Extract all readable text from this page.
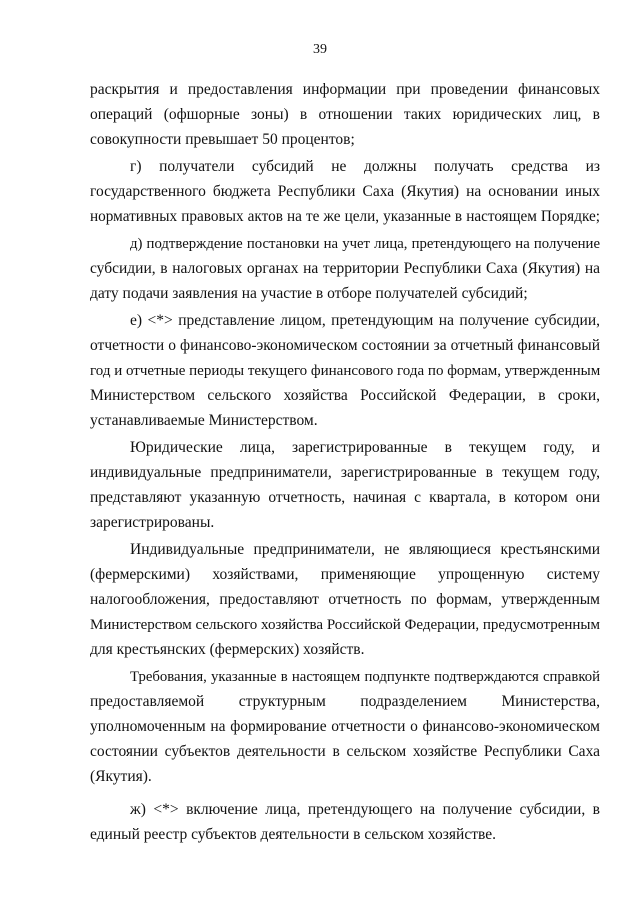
39
раскрытия и предоставления информации при проведении финансовых
операций (офшорные зоны) в отношении таких юридических лиц, в
совокупности превышает 50 процентов;
г) получатели субсидий не должны получать средства из
государственного бюджета Республики Саха (Якутия) на основании иных
нормативных правовых актов на те же цели, указанные в настоящем Порядке;
д) подтверждение постановки на учет лица, претендующего на получение
субсидии, в налоговых органах на территории Республики Саха (Якутия) на
дату подачи заявления на участие в отборе получателей субсидий;
е) <*> представление лицом, претендующим на получение субсидии,
отчетности о финансово-экономическом состоянии за отчетный финансовый
год и отчетные периоды текущего финансового года по формам, утвержденным
Министерством сельского хозяйства Российской Федерации, в сроки,
устанавливаемые Министерством.
Юридические лица, зарегистрированные в текущем году, и
индивидуальные предприниматели, зарегистрированные в текущем году,
представляют указанную отчетность, начиная с квартала, в котором они
зарегистрированы.
Индивидуальные предприниматели, не являющиеся крестьянскими
(фермерскими) хозяйствами, применяющие упрощенную систему
налогообложения, предоставляют отчетность по формам, утвержденным
Министерством сельского хозяйства Российской Федерации, предусмотренным
для крестьянских (фермерских) хозяйств.
Требования, указанные в настоящем подпункте подтверждаются справкой
предоставляемой структурным подразделением Министерства,
уполномоченным на формирование отчетности о финансово-экономическом
состоянии субъектов деятельности в сельском хозяйстве Республики Саха
(Якутия).
ж) <*> включение лица, претендующего на получение субсидии, в
единый реестр субъектов деятельности в сельском хозяйстве.
